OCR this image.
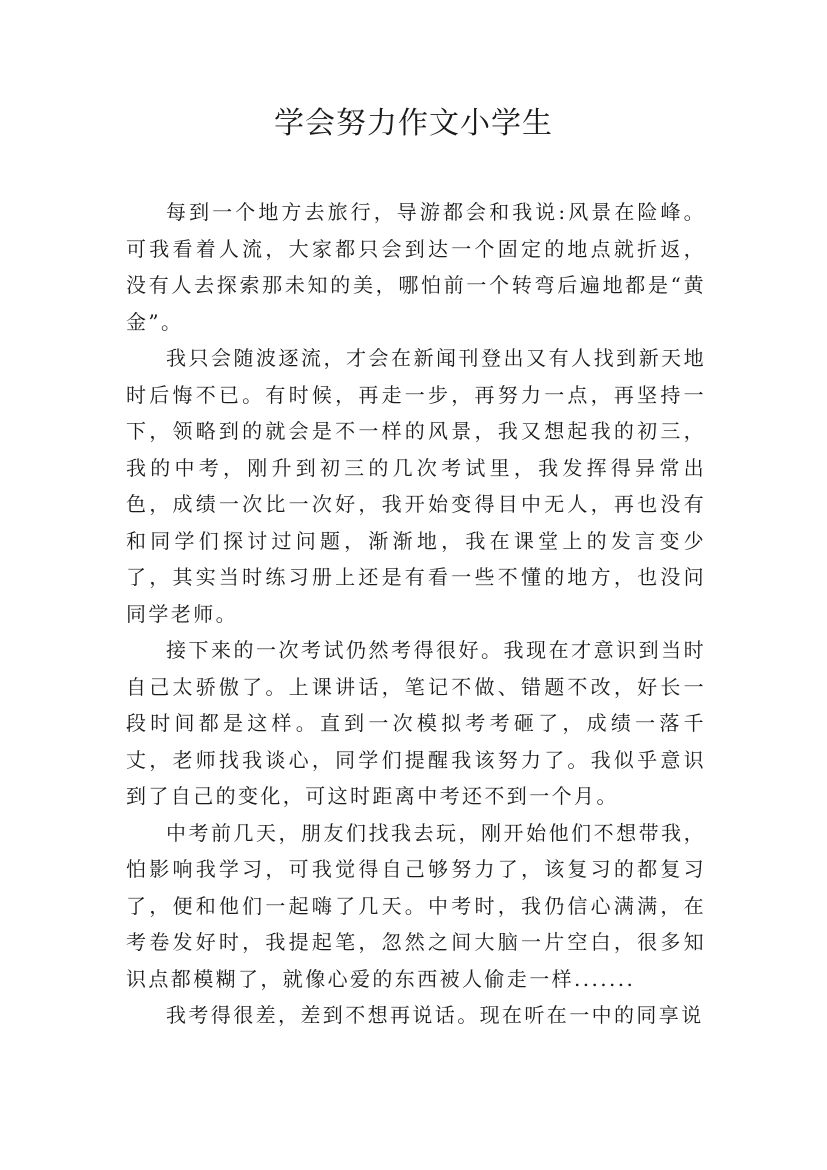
学会努力作文小学生

每到一个地方去旅行，导游都会和我说:风景在险峰。可我看着人流，大家都只会到达一个固定的地点就折返，没有人去探索那未知的美，哪怕前一个转弯后遍地都是“黄金”。

我只会随波逐流，才会在新闻刊登出又有人找到新天地时后悔不已。有时候，再走一步，再努力一点，再坚持一下，领略到的就会是不一样的风景，我又想起我的初三，我的中考，刚升到初三的几次考试里，我发挥得异常出色，成绩一次比一次好，我开始变得目中无人，再也没有和同学们探讨过问题，渐渐地，我在课堂上的发言变少了，其实当时练习册上还是有看一些不懂的地方，也没问同学老师。

接下来的一次考试仍然考得很好。我现在才意识到当时自己太骄傲了。上课讲话，笔记不做、错题不改，好长一段时间都是这样。直到一次模拟考考砸了，成绩一落千丈，老师找我谈心，同学们提醒我该努力了。我似乎意识到了自己的变化，可这时距离中考还不到一个月。

中考前几天，朋友们找我去玩，刚开始他们不想带我，怕影响我学习，可我觉得自己够努力了，该复习的都复习了，便和他们一起嗨了几天。中考时，我仍信心满满，在考卷发好时，我提起笔，忽然之间大脑一片空白，很多知识点都模糊了，就像心爱的东西被人偷走一样.......

我考得很差，差到不想再说话。现在听在一中的同享说
